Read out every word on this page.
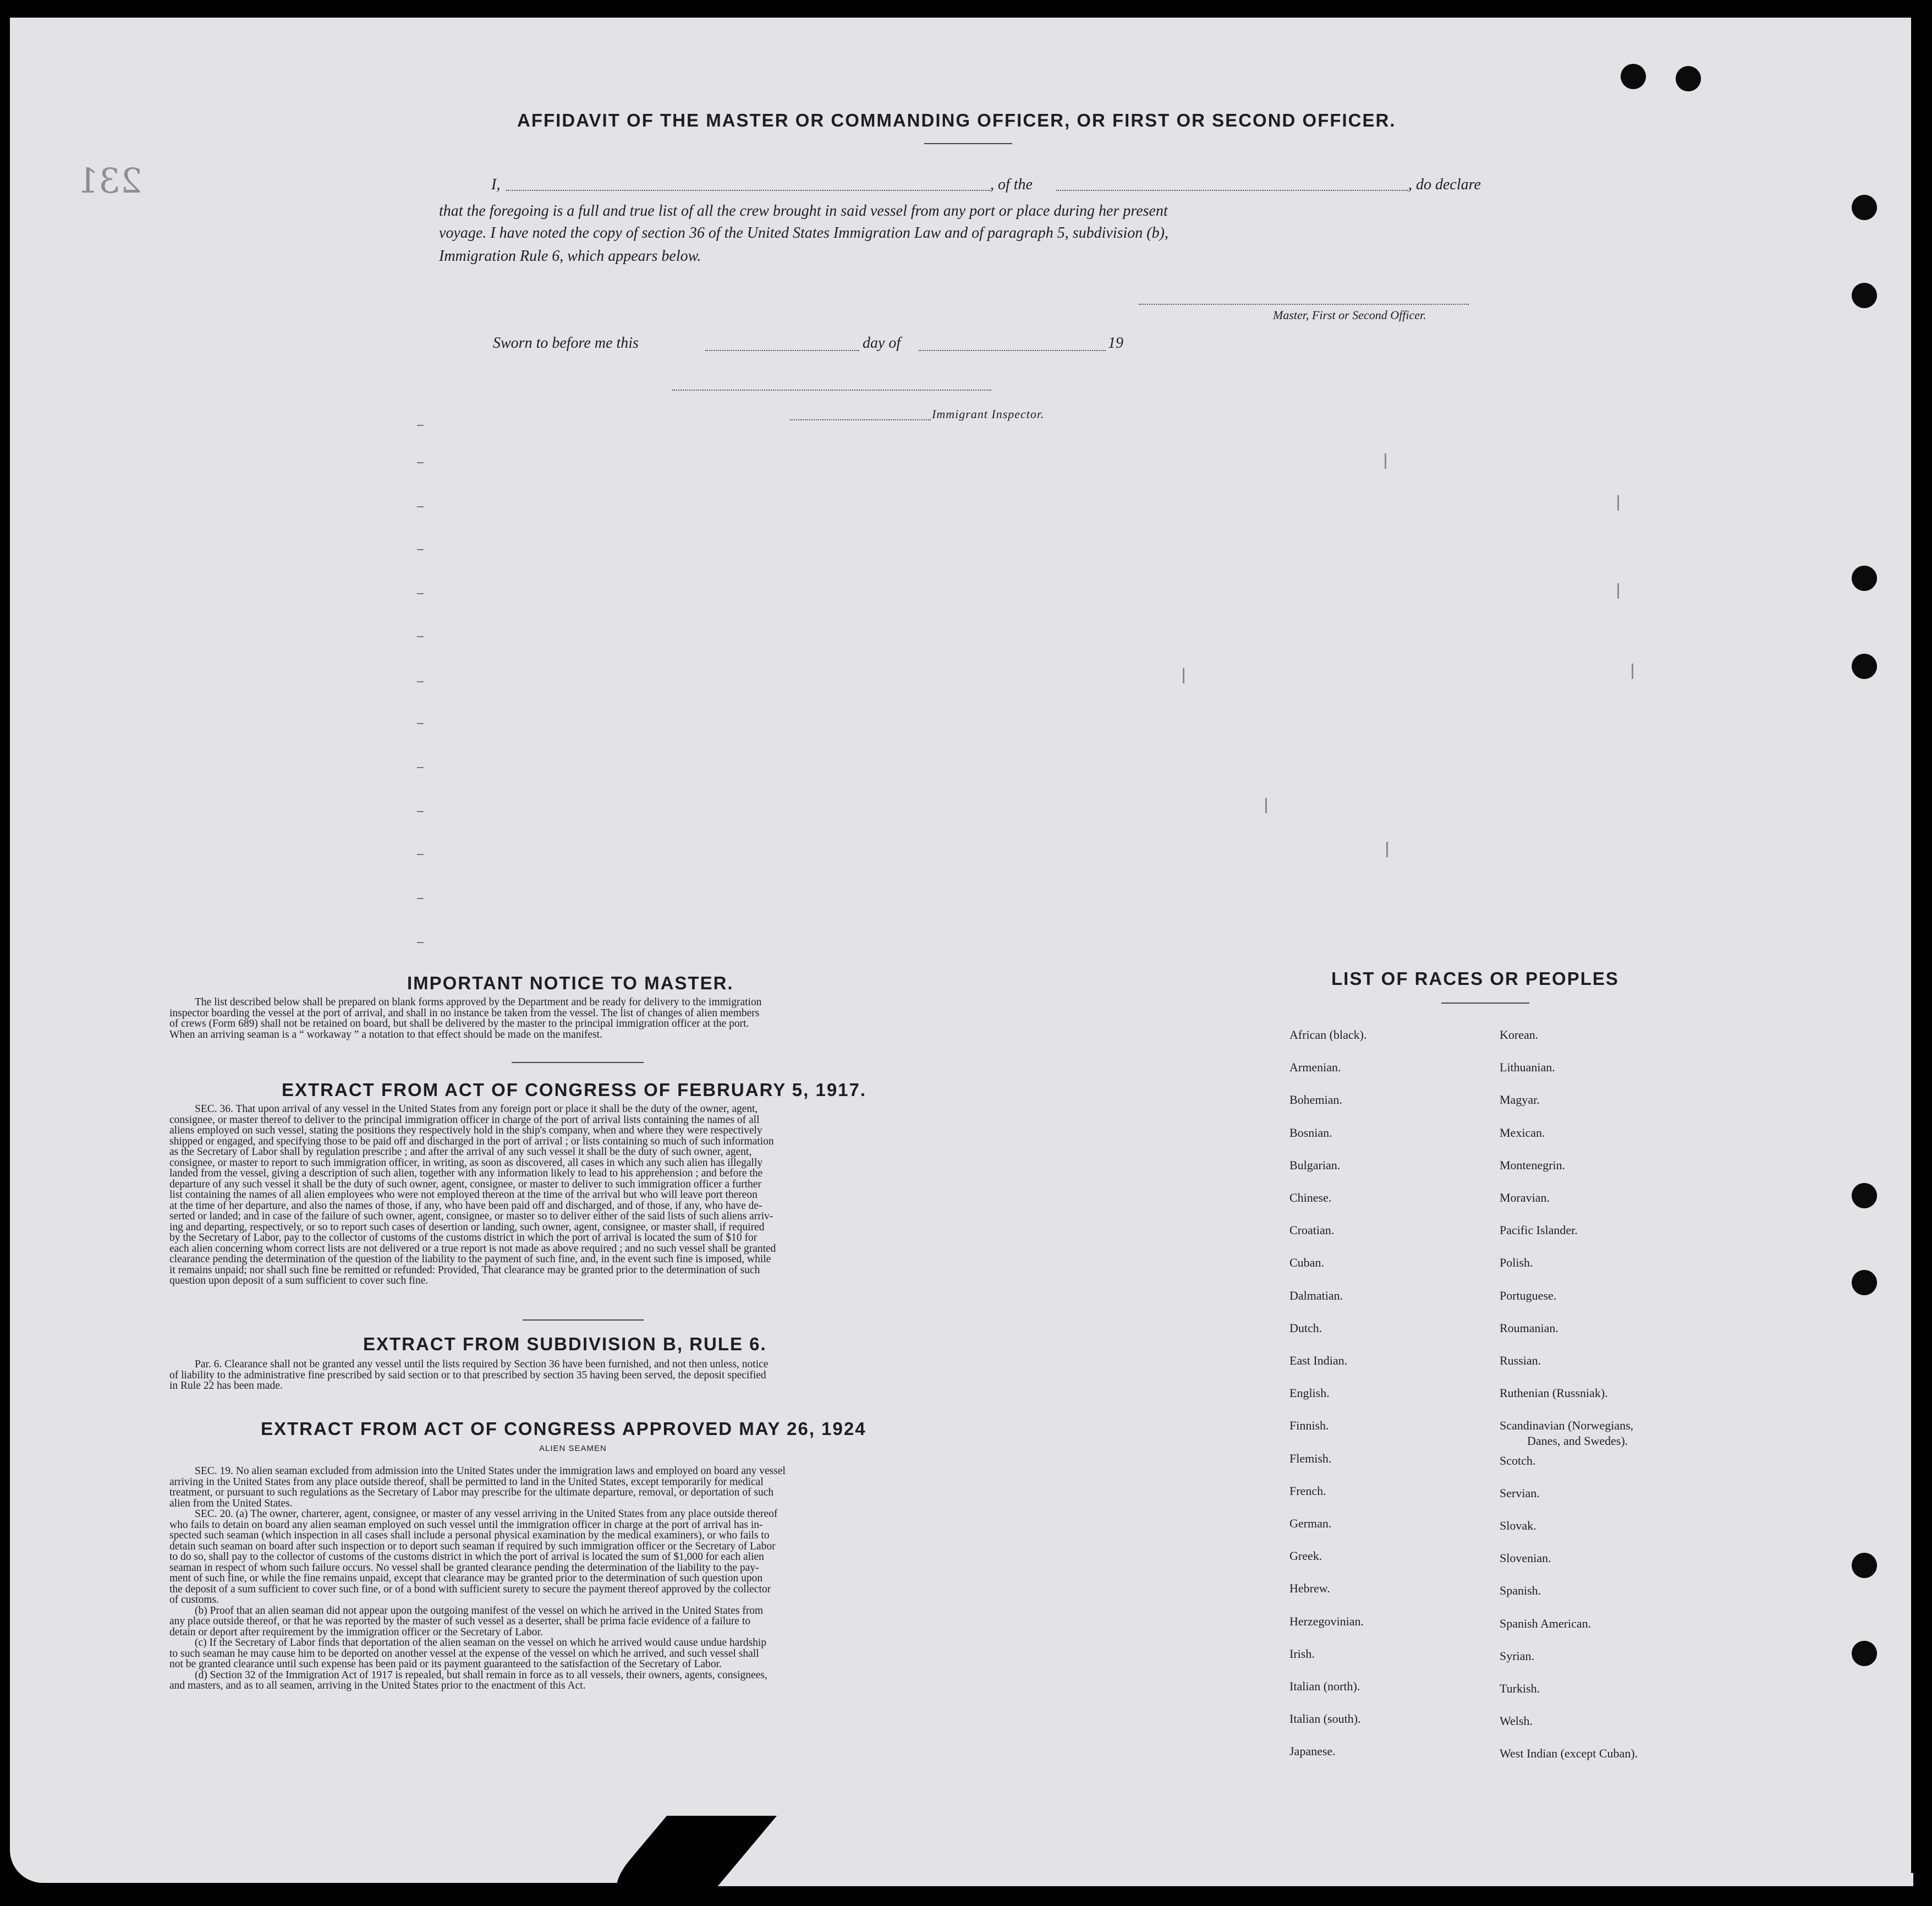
231
AFFIDAVIT OF THE MASTER OR COMMANDING OFFICER, OR FIRST OR SECOND OFFICER.
I,	, of the	, do declare
that the foregoing is a full and true list of all the crew brought in said vessel from any port or place during her present
voyage. I have noted the copy of section 36 of the United States Immigration Law and of paragraph 5, subdivision (b),
Immigration Rule 6, which appears below.
Master, First or Second Officer.
Sworn to before me this	day of	19
Immigrant Inspector.
IMPORTANT NOTICE TO MASTER.
The list described below shall be prepared on blank forms approved by the Department and be ready for delivery to the immigration
inspector boarding the vessel at the port of arrival, and shall in no instance be taken from the vessel. The list of changes of alien members
of crews (Form 689) shall not be retained on board, but shall be delivered by the master to the principal immigration officer at the port.
When an arriving seaman is a “ workaway ” a notation to that effect should be made on the manifest.
EXTRACT FROM ACT OF CONGRESS OF FEBRUARY 5, 1917.
SEC. 36. That upon arrival of any vessel in the United States from any foreign port or place it shall be the duty of the owner, agent,
consignee, or master thereof to deliver to the principal immigration officer in charge of the port of arrival lists containing the names of all
aliens employed on such vessel, stating the positions they respectively hold in the ship's company, when and where they were respectively
shipped or engaged, and specifying those to be paid off and discharged in the port of arrival ; or lists containing so much of such information
as the Secretary of Labor shall by regulation prescribe ; and after the arrival of any such vessel it shall be the duty of such owner, agent,
consignee, or master to report to such immigration officer, in writing, as soon as discovered, all cases in which any such alien has illegally
landed from the vessel, giving a description of such alien, together with any information likely to lead to his apprehension ; and before the
departure of any such vessel it shall be the duty of such owner, agent, consignee, or master to deliver to such immigration officer a further
list containing the names of all alien employees who were not employed thereon at the time of the arrival but who will leave port thereon
at the time of her departure, and also the names of those, if any, who have been paid off and discharged, and of those, if any, who have de-
serted or landed; and in case of the failure of such owner, agent, consignee, or master so to deliver either of the said lists of such aliens arriv-
ing and departing, respectively, or so to report such cases of desertion or landing, such owner, agent, consignee, or master shall, if required
by the Secretary of Labor, pay to the collector of customs of the customs district in which the port of arrival is located the sum of $10 for
each alien concerning whom correct lists are not delivered or a true report is not made as above required ; and no such vessel shall be granted
clearance pending the determination of the question of the liability to the payment of such fine, and, in the event such fine is imposed, while
it remains unpaid; nor shall such fine be remitted or refunded: Provided, That clearance may be granted prior to the determination of such
question upon deposit of a sum sufficient to cover such fine.
EXTRACT FROM SUBDIVISION B, RULE 6.
Par. 6. Clearance shall not be granted any vessel until the lists required by Section 36 have been furnished, and not then unless, notice
of liability to the administrative fine prescribed by said section or to that prescribed by section 35 having been served, the deposit specified
in Rule 22 has been made.
EXTRACT FROM ACT OF CONGRESS APPROVED MAY 26, 1924
ALIEN SEAMEN
SEC. 19. No alien seaman excluded from admission into the United States under the immigration laws and employed on board any vessel
arriving in the United States from any place outside thereof, shall be permitted to land in the United States, except temporarily for medical
treatment, or pursuant to such regulations as the Secretary of Labor may prescribe for the ultimate departure, removal, or deportation of such
alien from the United States.
SEC. 20. (a) The owner, charterer, agent, consignee, or master of any vessel arriving in the United States from any place outside thereof
who fails to detain on board any alien seaman employed on such vessel until the immigration officer in charge at the port of arrival has in-
spected such seaman (which inspection in all cases shall include a personal physical examination by the medical examiners), or who fails to
detain such seaman on board after such inspection or to deport such seaman if required by such immigration officer or the Secretary of Labor
to do so, shall pay to the collector of customs of the customs district in which the port of arrival is located the sum of $1,000 for each alien
seaman in respect of whom such failure occurs. No vessel shall be granted clearance pending the determination of the liability to the pay-
ment of such fine, or while the fine remains unpaid, except that clearance may be granted prior to the determination of such question upon
the deposit of a sum sufficient to cover such fine, or of a bond with sufficient surety to secure the payment thereof approved by the collector
of customs.
(b) Proof that an alien seaman did not appear upon the outgoing manifest of the vessel on which he arrived in the United States from
any place outside thereof, or that he was reported by the master of such vessel as a deserter, shall be prima facie evidence of a failure to
detain or deport after requirement by the immigration officer or the Secretary of Labor.
(c) If the Secretary of Labor finds that deportation of the alien seaman on the vessel on which he arrived would cause undue hardship
to such seaman he may cause him to be deported on another vessel at the expense of the vessel on which he arrived, and such vessel shall
not be granted clearance until such expense has been paid or its payment guaranteed to the satisfaction of the Secretary of Labor.
(d) Section 32 of the Immigration Act of 1917 is repealed, but shall remain in force as to all vessels, their owners, agents, consignees,
and masters, and as to all seamen, arriving in the United States prior to the enactment of this Act.
LIST OF RACES OR PEOPLES
African (black).
Armenian.
Bohemian.
Bosnian.
Bulgarian.
Chinese.
Croatian.
Cuban.
Dalmatian.
Dutch.
East Indian.
English.
Finnish.
Flemish.
French.
German.
Greek.
Hebrew.
Herzegovinian.
Irish.
Italian (north).
Italian (south).
Japanese.
Korean.
Lithuanian.
Magyar.
Mexican.
Montenegrin.
Moravian.
Pacific Islander.
Polish.
Portuguese.
Roumanian.
Russian.
Ruthenian (Russniak).
Scandinavian (Norwegians,
Scotch.
Servian.
Slovak.
Slovenian.
Spanish.
Spanish American.
Syrian.
Turkish.
Welsh.
West Indian (except Cuban).
Danes, and Swedes).
